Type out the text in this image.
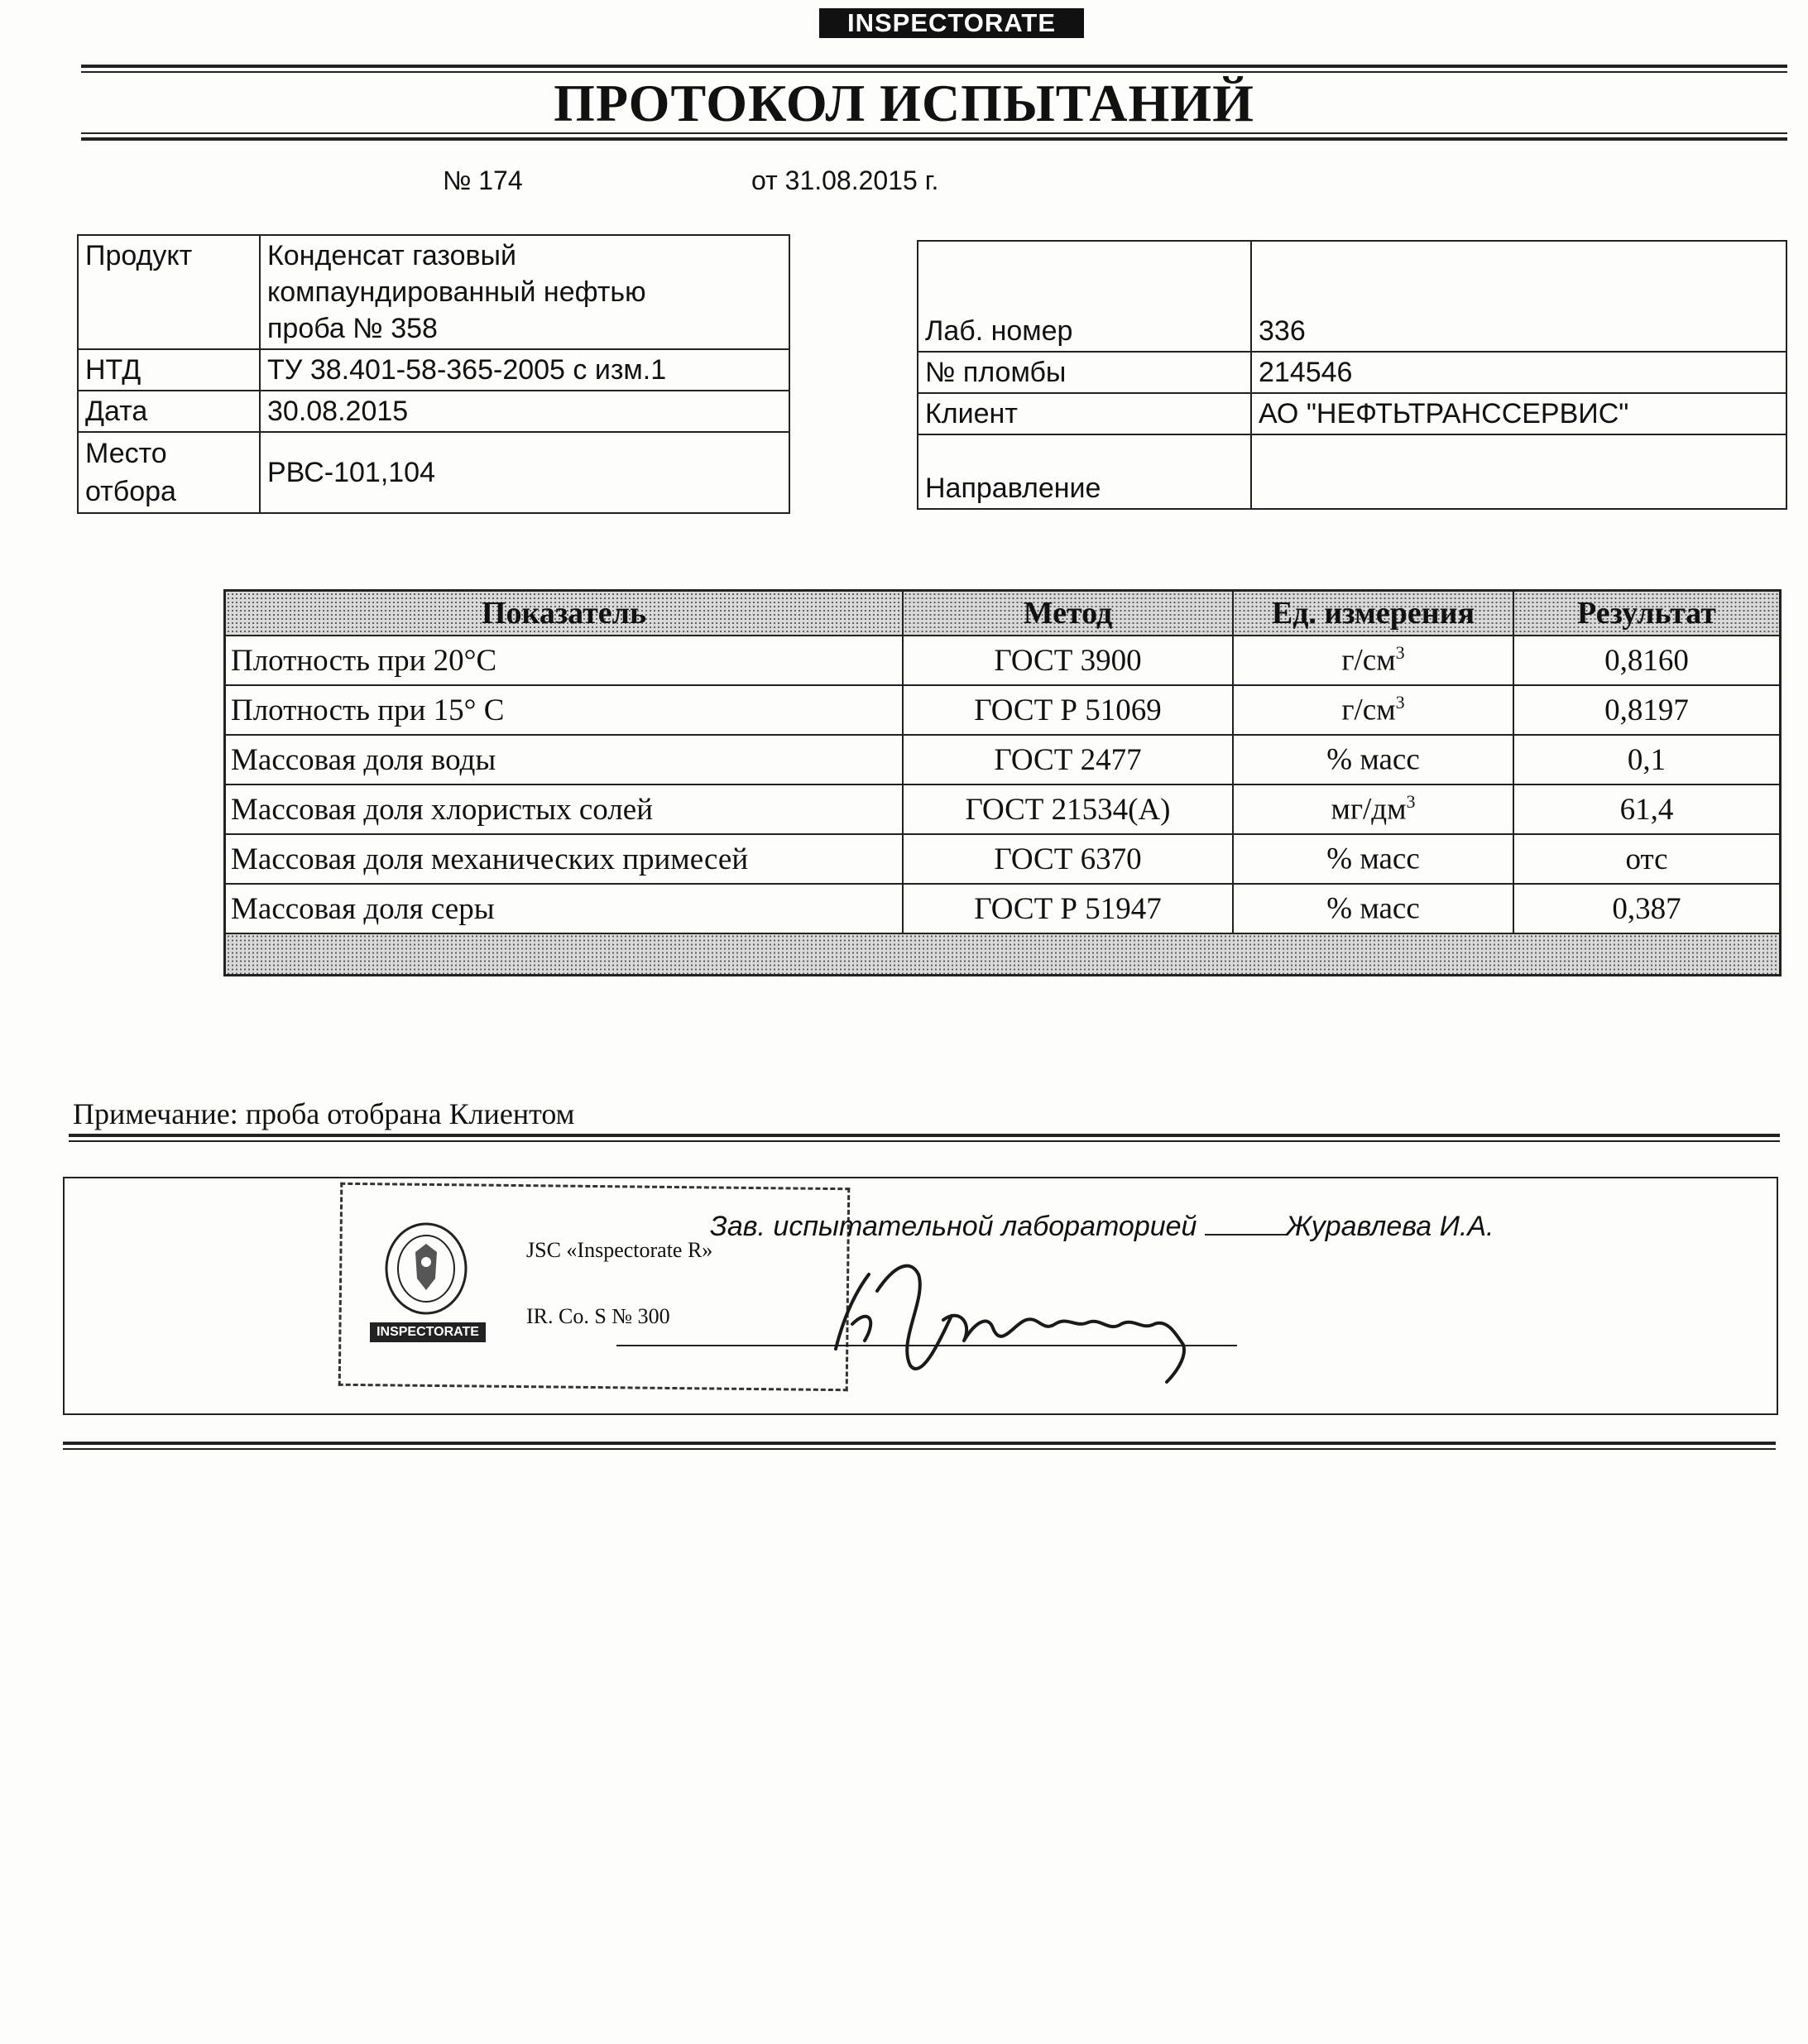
INSPECTORATE
ПРОТОКОЛ ИСПЫТАНИЙ
№ 174	от 31.08.2015 г.
Продукт	Конденсат газовый компаундированный нефтью проба № 358
НТД	ТУ 38.401-58-365-2005 с изм.1
Дата	30.08.2015
Место отбора	РВС-101,104
Лаб. номер	336
№ пломбы	214546
Клиент	АО "НЕФТЬТРАНССЕРВИС"
Направление	
Показатель	Метод	Ед. измерения	Результат
Плотность при 20°С	ГОСТ 3900	$г/см^3$	0,8160
Плотность при 15° С	ГОСТ Р 51069	$г/см^3$	0,8197
Массовая доля воды	ГОСТ 2477	% масс	0,1
Массовая доля хлористых солей	ГОСТ 21534(А)	$мг/дм^3$	61,4
Массовая доля механических примесей	ГОСТ 6370	% масс	отс
Массовая доля серы	ГОСТ Р 51947	% масс	0,387

Примечание: проба отобрана Клиентом
INSPECTORATE
JSC «Inspectorate R»
IR. Co. S № 300
Зав. испытательной лабораторией	Журавлева И.А.
